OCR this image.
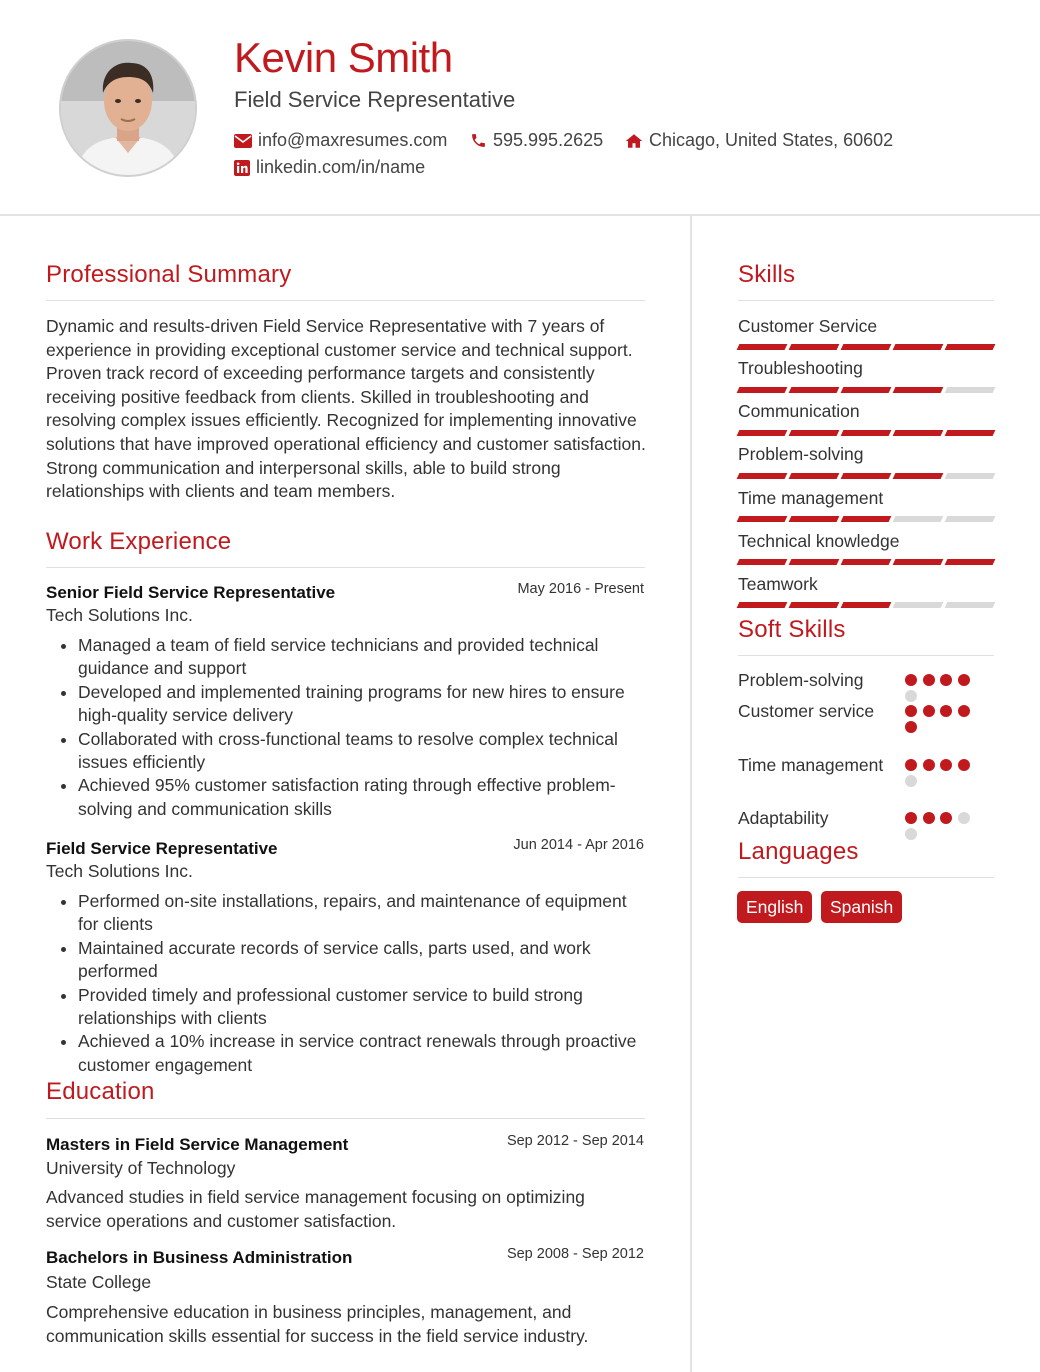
Kevin Smith
Field Service Representative
info@maxresumes.com	595.995.2625	Chicago, United States, 60602
linkedin.com/in/name
Professional Summary
Dynamic and results-driven Field Service Representative with 7 years of experience in providing exceptional customer service and technical support. Proven track record of exceeding performance targets and consistently receiving positive feedback from clients. Skilled in troubleshooting and resolving complex issues efficiently. Recognized for implementing innovative solutions that have improved operational efficiency and customer satisfaction. Strong communication and interpersonal skills, able to build strong relationships with clients and team members.
Work Experience
Senior Field Service Representative	May 2016 - Present
Tech Solutions Inc.
• Managed a team of field service technicians and provided technical guidance and support
• Developed and implemented training programs for new hires to ensure high-quality service delivery
• Collaborated with cross-functional teams to resolve complex technical issues efficiently
• Achieved 95% customer satisfaction rating through effective problem-solving and communication skills
Field Service Representative	Jun 2014 - Apr 2016
Tech Solutions Inc.
• Performed on-site installations, repairs, and maintenance of equipment for clients
• Maintained accurate records of service calls, parts used, and work performed
• Provided timely and professional customer service to build strong relationships with clients
• Achieved a 10% increase in service contract renewals through proactive customer engagement
Education
Masters in Field Service Management	Sep 2012 - Sep 2014
University of Technology
Advanced studies in field service management focusing on optimizing service operations and customer satisfaction.
Bachelors in Business Administration	Sep 2008 - Sep 2012
State College
Comprehensive education in business principles, management, and communication skills essential for success in the field service industry.
Skills
Customer Service
Troubleshooting
Communication
Problem-solving
Time management
Technical knowledge
Teamwork
Soft Skills
Problem-solving
Customer service
Time management
Adaptability
Languages
English	Spanish
